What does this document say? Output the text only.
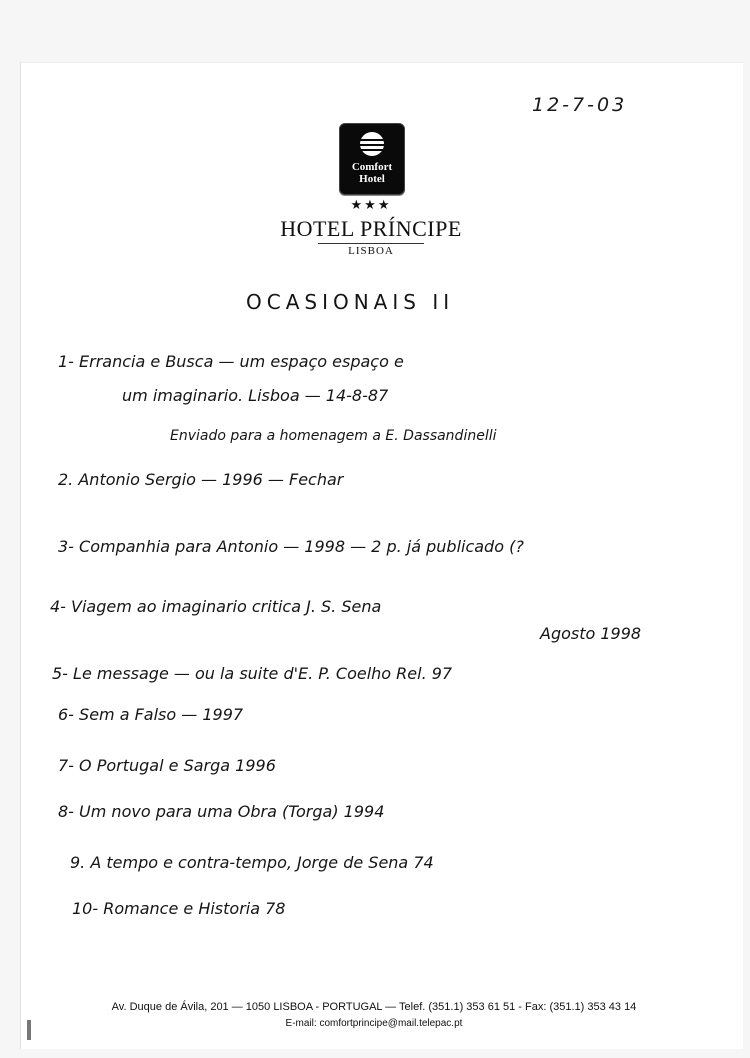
12-7-03
Comfort
Hotel
★★★
HOTEL PRÍNCIPE
LISBOA
OCASIONAIS II
1- Errancia e Busca — um espaço espaço e
um imaginario. Lisboa — 14-8-87
Enviado para a homenagem a E. Dassandinelli
2. Antonio Sergio — 1996 — Fechar
3- Companhia para Antonio — 1998 — 2 p. já publicado (?
4- Viagem ao imaginario critica J. S. Sena
Agosto 1998
5- Le message — ou la suite d'E. P. Coelho Rel. 97
6- Sem a Falso — 1997
7- O Portugal e Sarga 1996
8- Um novo para uma Obra (Torga) 1994
9. A tempo e contra-tempo, Jorge de Sena 74
10- Romance e Historia 78
Av. Duque de Ávila, 201 — 1050 LISBOA - PORTUGAL — Telef. (351.1) 353 61 51 - Fax: (351.1) 353 43 14
E-mail: comfortprincipe@mail.telepac.pt
